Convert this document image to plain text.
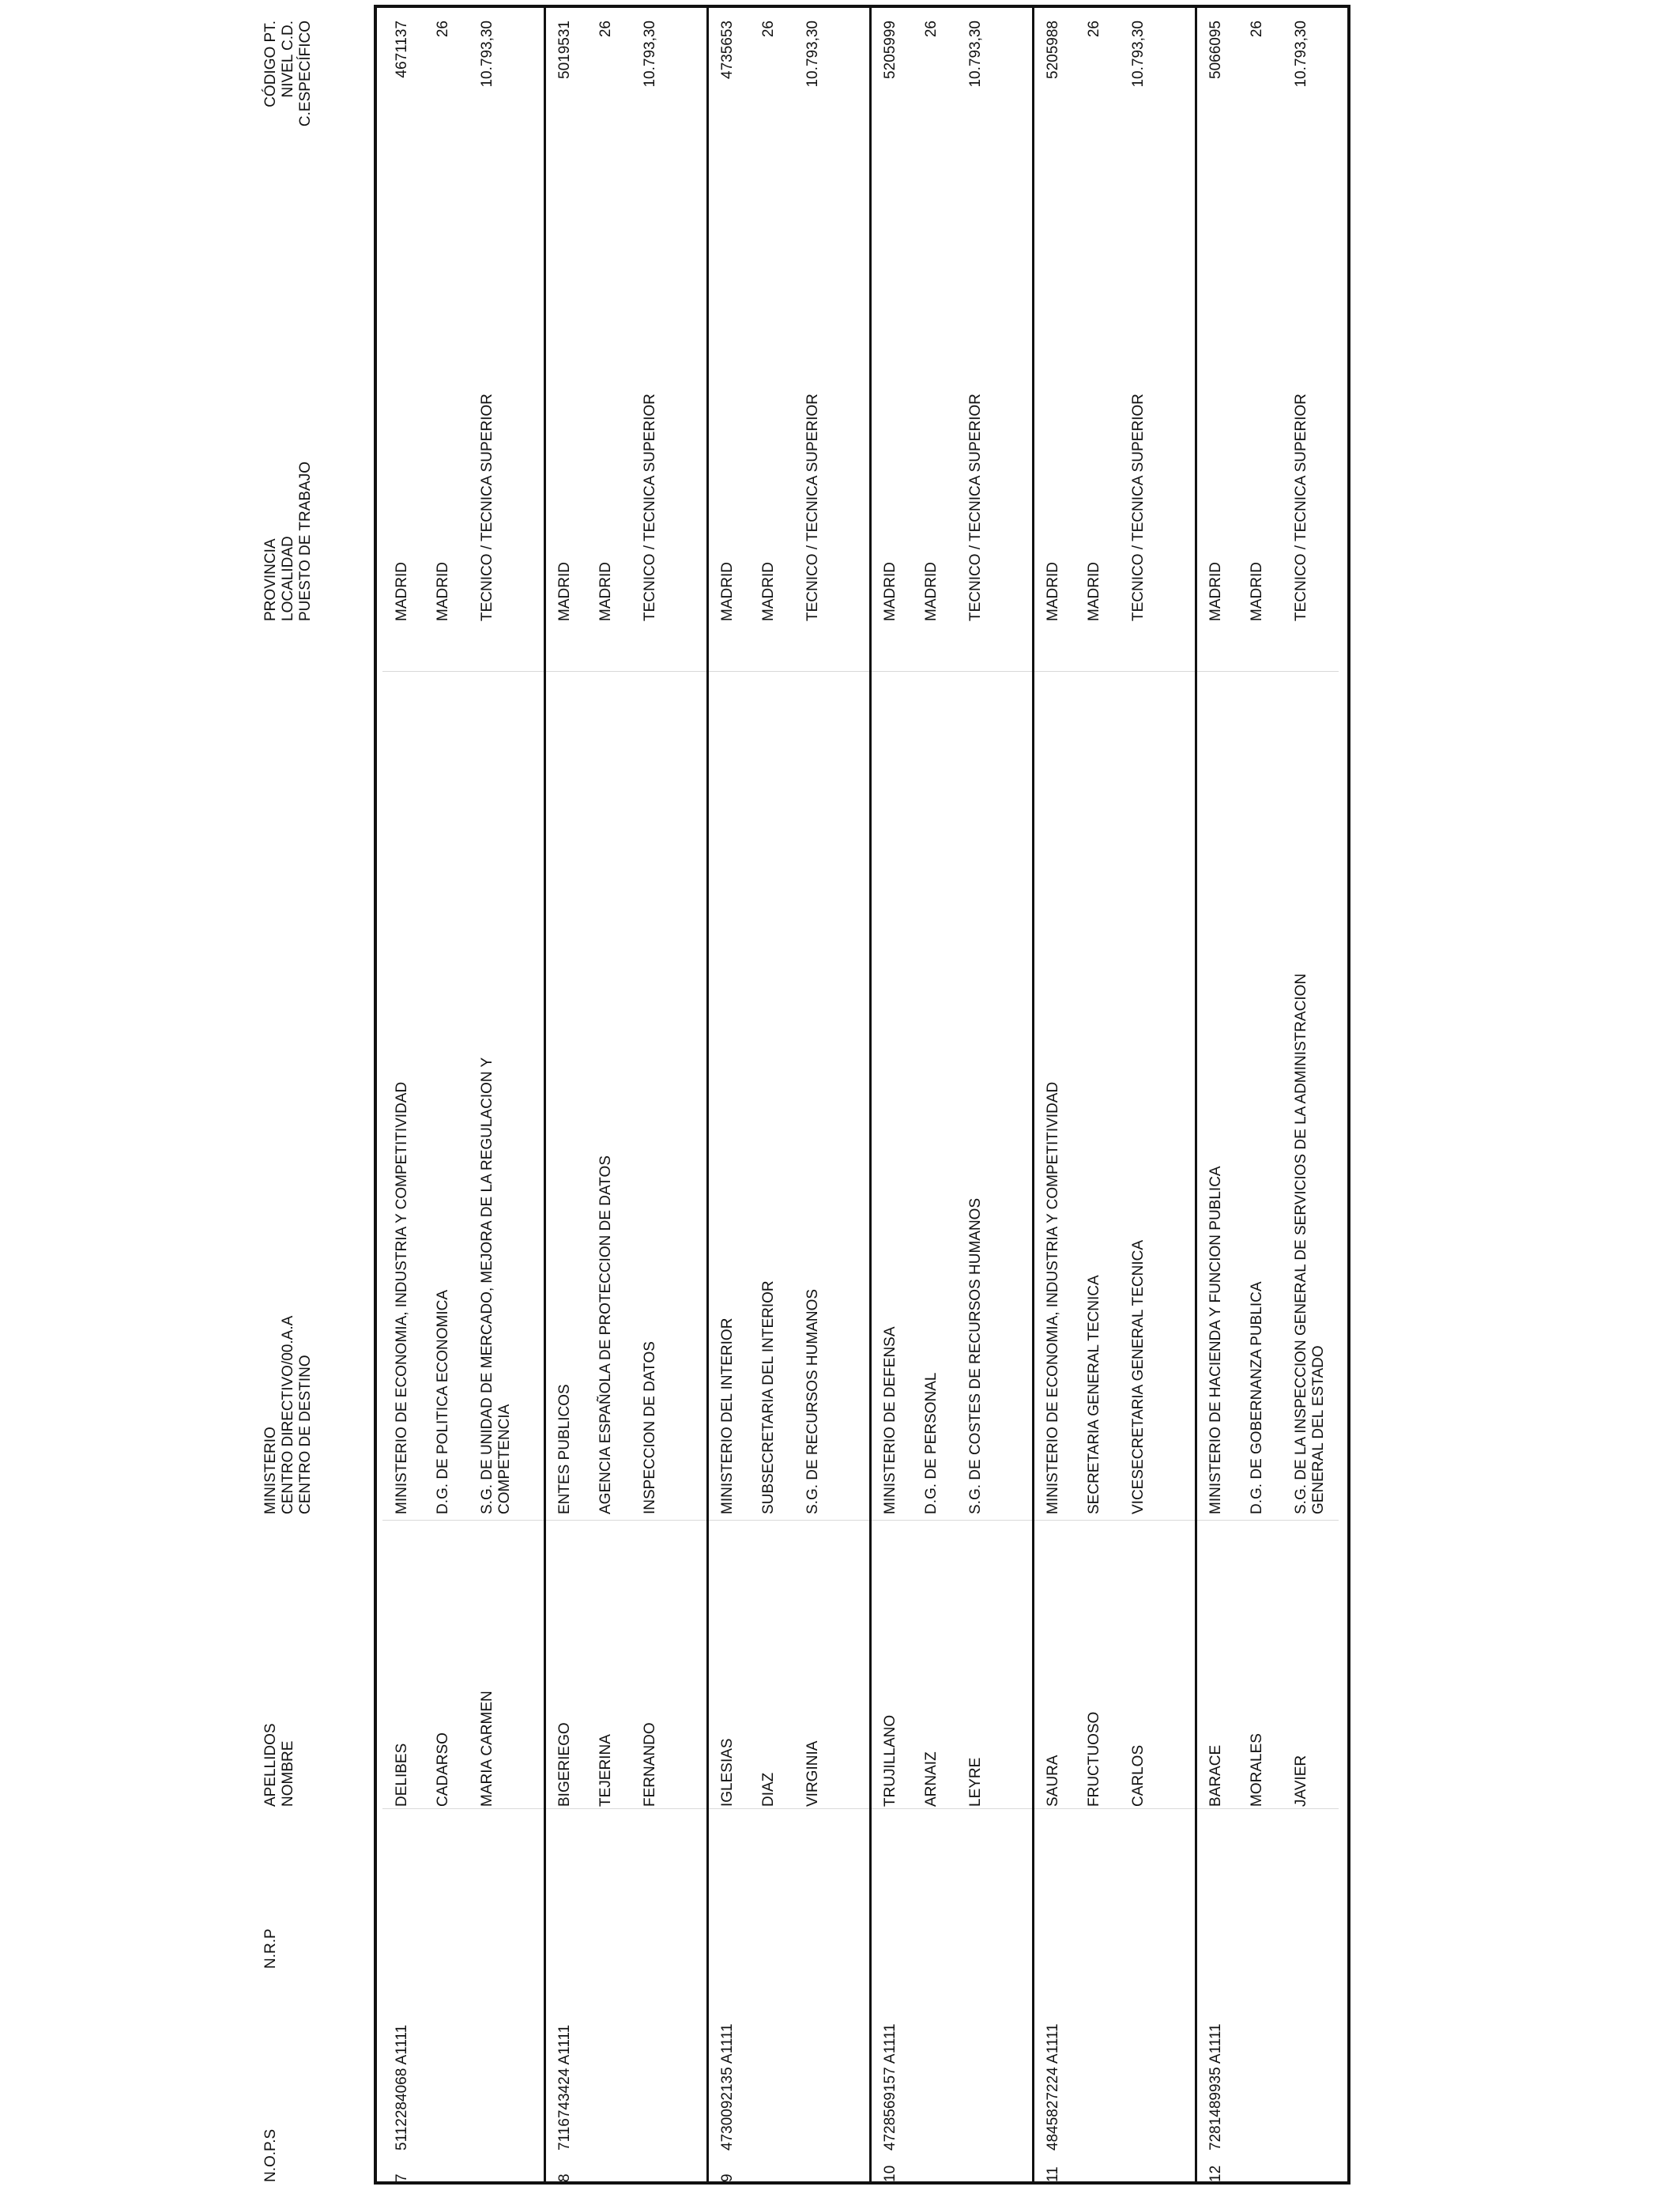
N.O.P.S
N.R.P
APELLIDOS NOMBRE
MINISTERIO CENTRO DIRECTIVO/00.A.A CENTRO DE DESTINO
PROVINCIA LOCALIDAD PUESTO DE TRABAJO
CÓDIGO PT. NIVEL C.D. C.ESPECÍFICO
7
5112284068 A1111
DELIBES CADARSO MARIA CARMEN
MINISTERIO DE ECONOMIA, INDUSTRIA Y COMPETITIVIDAD D.G. DE POLITICA ECONOMICA S.G. DE UNIDAD DE MERCADO, MEJORA DE LA REGULACION Y COMPETENCIA
MADRID MADRID TECNICO / TECNICA SUPERIOR
4671137 26 10.793,30
8
7116743424 A1111
BIGERIEGO TEJERINA FERNANDO
ENTES PUBLICOS AGENCIA ESPAÑOLA DE PROTECCION DE DATOS INSPECCION DE DATOS
MADRID MADRID TECNICO / TECNICA SUPERIOR
5019531 26 10.793,30
9
4730092135 A1111
IGLESIAS DIAZ VIRGINIA
MINISTERIO DEL INTERIOR SUBSECRETARIA DEL INTERIOR S.G. DE RECURSOS HUMANOS
MADRID MADRID TECNICO / TECNICA SUPERIOR
4735653 26 10.793,30
10
4728569157 A1111
TRUJILLANO ARNAIZ LEYRE
MINISTERIO DE DEFENSA D.G. DE PERSONAL S.G. DE COSTES DE RECURSOS HUMANOS
MADRID MADRID TECNICO / TECNICA SUPERIOR
5205999 26 10.793,30
11
4845827224 A1111
SAURA FRUCTUOSO CARLOS
MINISTERIO DE ECONOMIA, INDUSTRIA Y COMPETITIVIDAD SECRETARIA GENERAL TECNICA VICESECRETARIA GENERAL TECNICA
MADRID MADRID TECNICO / TECNICA SUPERIOR
5205988 26 10.793,30
12
7281489935 A1111
BARACE MORALES JAVIER
MINISTERIO DE HACIENDA Y FUNCION PUBLICA D.G. DE GOBERNANZA PUBLICA S.G. DE LA INSPECCION GENERAL DE SERVICIOS DE LA ADMINISTRACION GENERAL DEL ESTADO
MADRID MADRID TECNICO / TECNICA SUPERIOR
5066095 26 10.793,30
